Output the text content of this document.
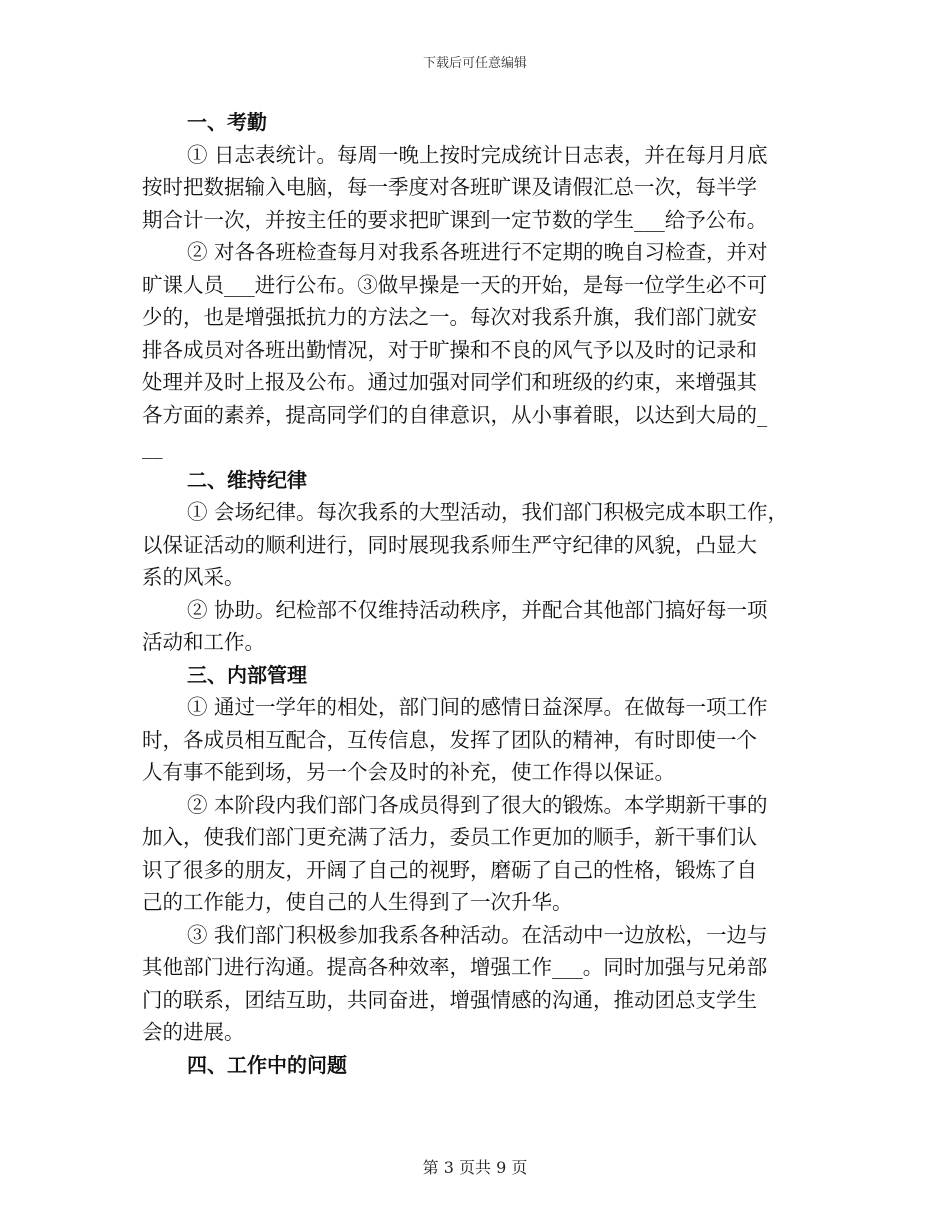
下载后可任意编辑
一、考勤
① 日志表统计。每周一晚上按时完成统计日志表，并在每月月底
按时把数据输入电脑，每一季度对各班旷课及请假汇总一次，每半学
期合计一次，并按主任的要求把旷课到一定节数的学生___给予公布。
② 对各各班检查每月对我系各班进行不定期的晚自习检查，并对
旷课人员___进行公布。③做早操是一天的开始，是每一位学生必不可
少的，也是增强抵抗力的方法之一。每次对我系升旗，我们部门就安
排各成员对各班出勤情况，对于旷操和不良的风气予以及时的记录和
处理并及时上报及公布。通过加强对同学们和班级的约束，来增强其
各方面的素养，提高同学们的自律意识，从小事着眼，以达到大局的_
__
二、维持纪律
① 会场纪律。每次我系的大型活动，我们部门积极完成本职工作，
以保证活动的顺利进行，同时展现我系师生严守纪律的风貌，凸显大
系的风采。
② 协助。纪检部不仅维持活动秩序，并配合其他部门搞好每一项
活动和工作。
三、内部管理
① 通过一学年的相处，部门间的感情日益深厚。在做每一项工作
时，各成员相互配合，互传信息，发挥了团队的精神，有时即使一个
人有事不能到场，另一个会及时的补充，使工作得以保证。
② 本阶段内我们部门各成员得到了很大的锻炼。本学期新干事的
加入，使我们部门更充满了活力，委员工作更加的顺手，新干事们认
识了很多的朋友，开阔了自己的视野，磨砺了自己的性格，锻炼了自
己的工作能力，使自己的人生得到了一次升华。
③ 我们部门积极参加我系各种活动。在活动中一边放松，一边与
其他部门进行沟通。提高各种效率，增强工作___。同时加强与兄弟部
门的联系，团结互助，共同奋进，增强情感的沟通，推动团总支学生
会的进展。
四、工作中的问题
第 3 页共 9 页
